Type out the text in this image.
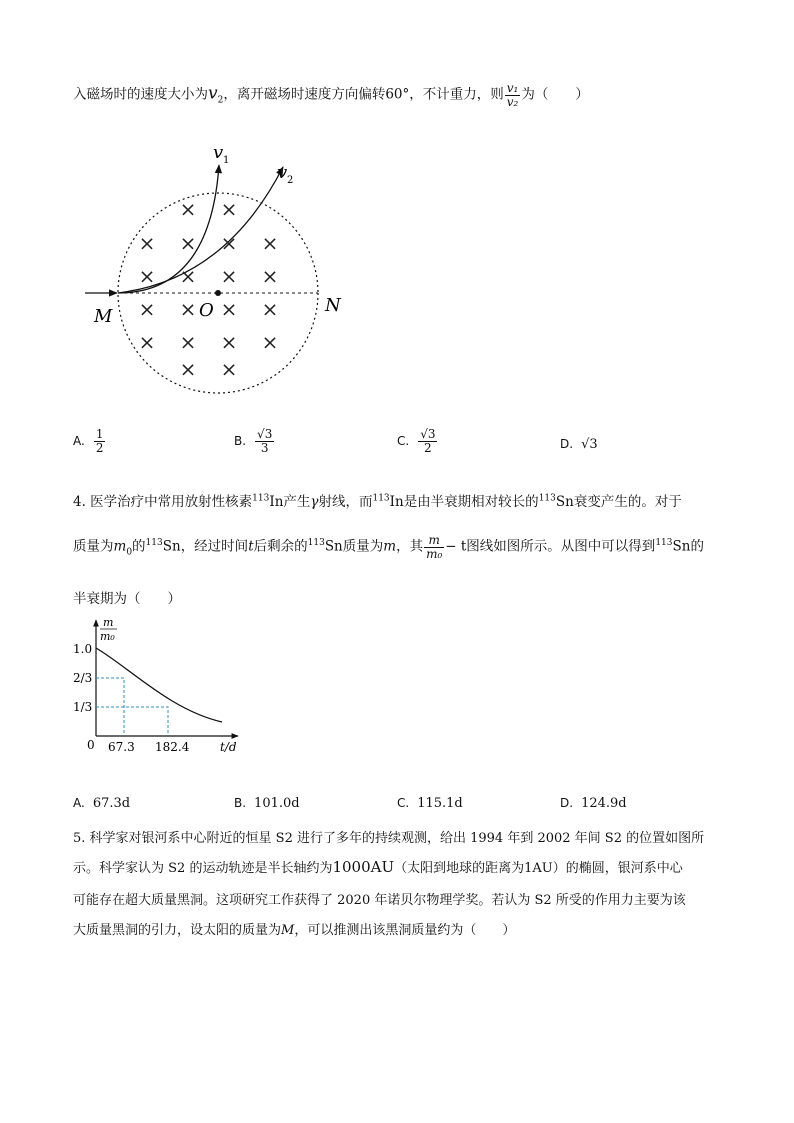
入磁场时的速度大小为$v_2$，离开磁场时速度方向偏转60°，不计重力，则 $\frac{\text{v₁}}{\text{v₂}}$ 为（　　）
× ×
× × × ×
× × × ×
× × × ×
× × × ×
× ×
v 1
v 2
M	O	N
A. $\frac{1}{2}$	B. $\frac{√3}{3}$	C. $\frac{√3}{2}$	D. √3
4. 医学治疗中常用放射性核素$^{113}$In产生γ射线，而$^{113}$In是由半衰期相对较长的$^{113}$Sn衰变产生的。对于
质量为$m_0$的$^{113}$Sn，经过时间t后剩余的$^{113}$Sn质量为m，其 $\frac{m}{\text{m₀}} - t$图线如图所示。从图中可以得到$^{113}$Sn的
半衰期为（　　）
m
m₀
1.0
2/3
1/3
0 67.3 182.4	t/d
A. 67.3d	B. 101.0d	C. 115.1d	D. 124.9d
5. 科学家对银河系中心附近的恒星 S2 进行了多年的持续观测，给出 1994 年到 2002 年间 S2 的位置如图所
示。科学家认为 S2 的运动轨迹是半长轴约为1000AU（太阳到地球的距离为1AU）的椭圆，银河系中心
可能存在超大质量黑洞。这项研究工作获得了 2020 年诺贝尔物理学奖。若认为 S2 所受的作用力主要为该
大质量黑洞的引力，设太阳的质量为M，可以推测出该黑洞质量约为（　　）
